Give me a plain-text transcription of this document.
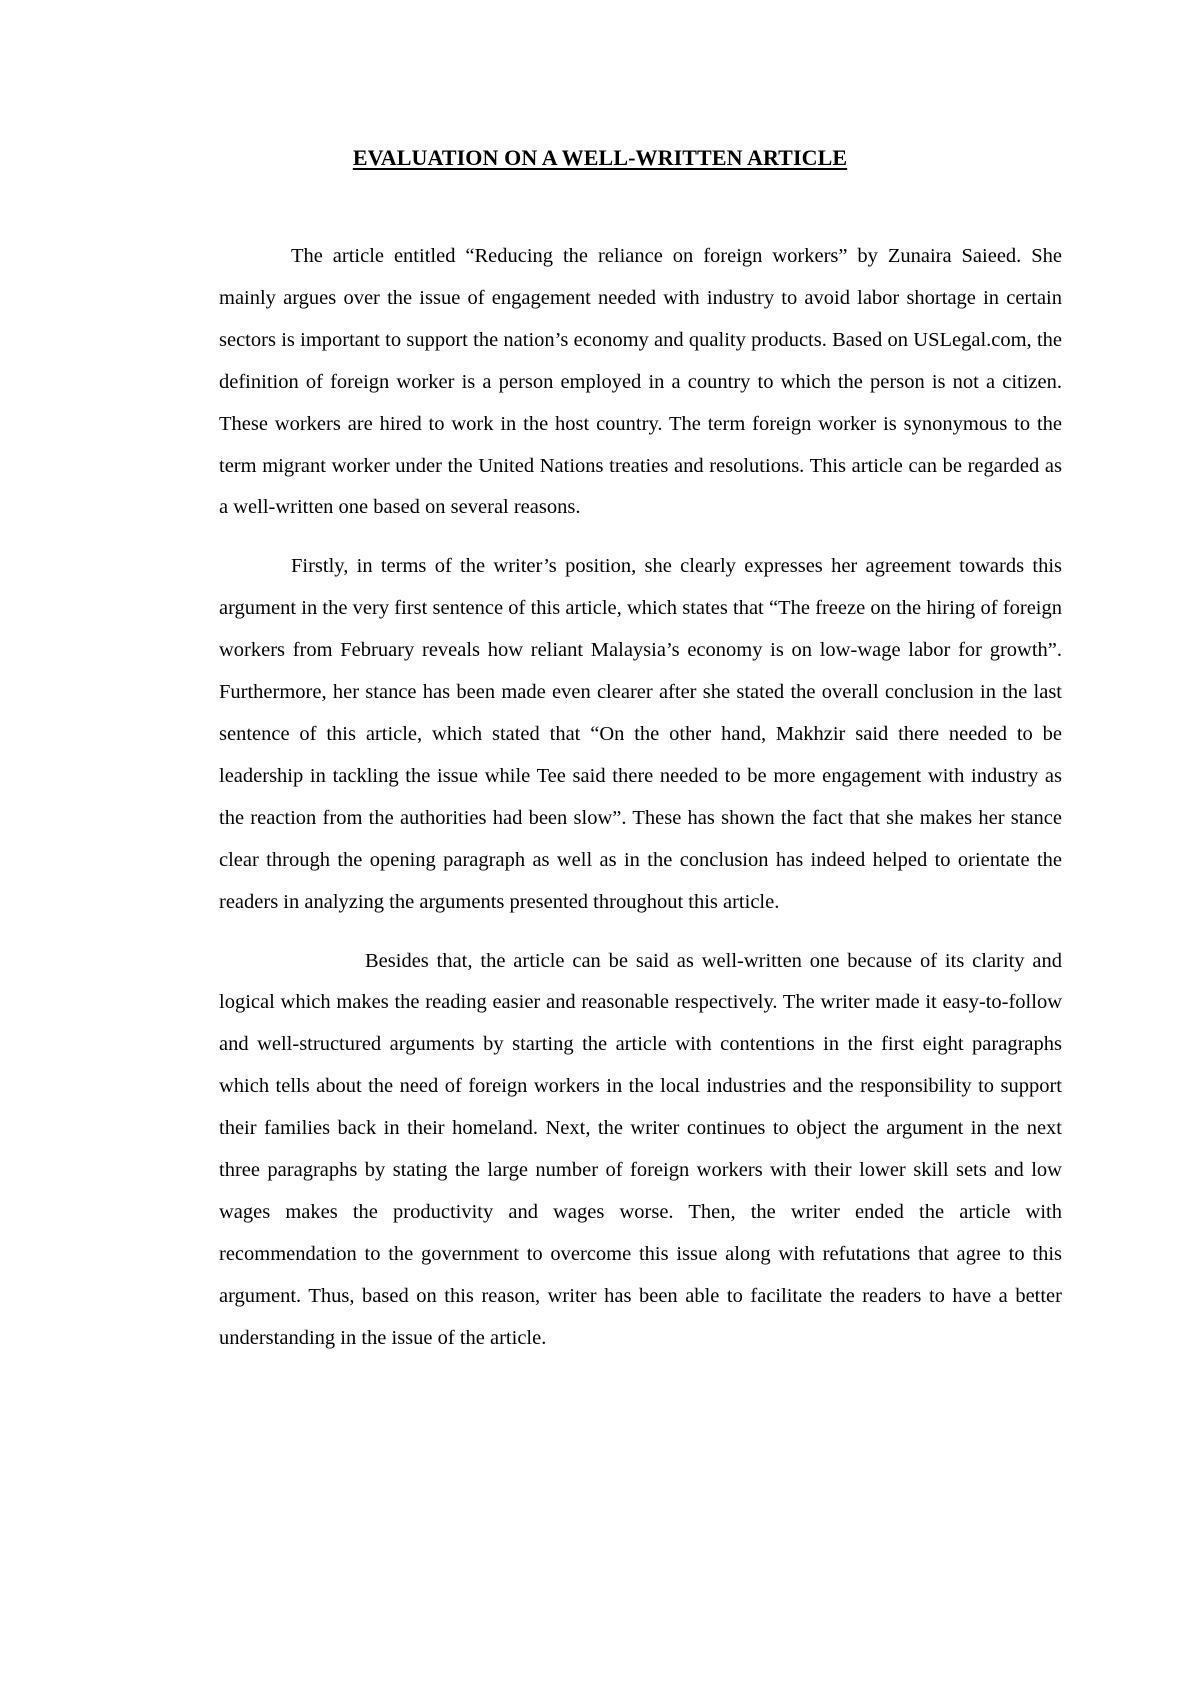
EVALUATION ON A WELL-WRITTEN ARTICLE

The article entitled “Reducing the reliance on foreign workers” by Zunaira Saieed. She mainly argues over the issue of engagement needed with industry to avoid labor shortage in certain sectors is important to support the nation’s economy and quality products. Based on USLegal.com, the definition of foreign worker is a person employed in a country to which the person is not a citizen. These workers are hired to work in the host country. The term foreign worker is synonymous to the term migrant worker under the United Nations treaties and resolutions. This article can be regarded as a well-written one based on several reasons.

Firstly, in terms of the writer’s position, she clearly expresses her agreement towards this argument in the very first sentence of this article, which states that “The freeze on the hiring of foreign workers from February reveals how reliant Malaysia’s economy is on low-wage labor for growth”. Furthermore, her stance has been made even clearer after she stated the overall conclusion in the last sentence of this article, which stated that “On the other hand, Makhzir said there needed to be leadership in tackling the issue while Tee said there needed to be more engagement with industry as the reaction from the authorities had been slow”. These has shown the fact that she makes her stance clear through the opening paragraph as well as in the conclusion has indeed helped to orientate the readers in analyzing the arguments presented throughout this article.

Besides that, the article can be said as well-written one because of its clarity and logical which makes the reading easier and reasonable respectively. The writer made it easy-to-follow and well-structured arguments by starting the article with contentions in the first eight paragraphs which tells about the need of foreign workers in the local industries and the responsibility to support their families back in their homeland. Next, the writer continues to object the argument in the next three paragraphs by stating the large number of foreign workers with their lower skill sets and low wages makes the productivity and wages worse. Then, the writer ended the article with recommendation to the government to overcome this issue along with refutations that agree to this argument. Thus, based on this reason, writer has been able to facilitate the readers to have a better understanding in the issue of the article.
